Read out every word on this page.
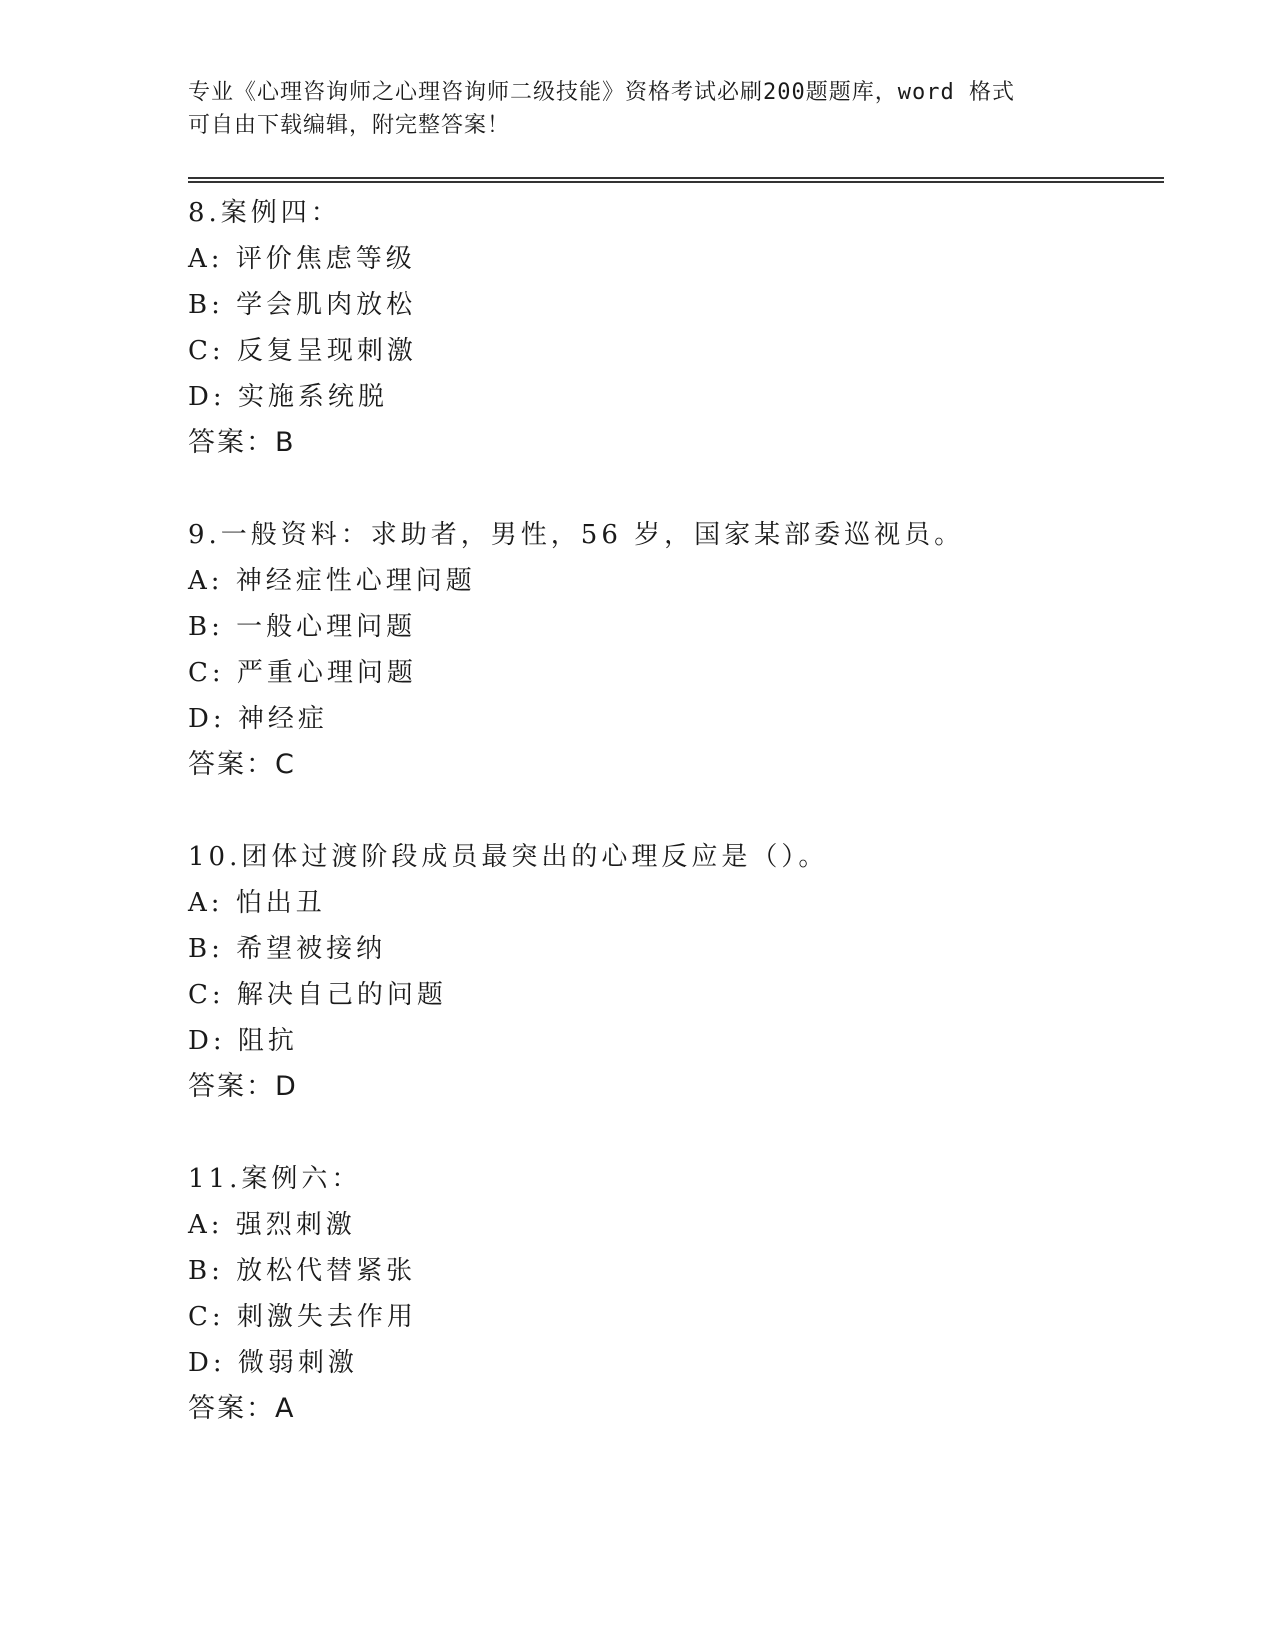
专业《心理咨询师之心理咨询师二级技能》资格考试必刷200题题库，word 格式
可自由下载编辑，附完整答案！
8.案例四：
A: 评价焦虑等级
B: 学会肌肉放松
C: 反复呈现刺激
D: 实施系统脱
答案：B
9.一般资料：求助者，男性，56 岁，国家某部委巡视员。
A: 神经症性心理问题
B: 一般心理问题
C: 严重心理问题
D: 神经症
答案：C
10.团体过渡阶段成员最突出的心理反应是（）。
A: 怕出丑
B: 希望被接纳
C: 解决自己的问题
D: 阻抗
答案：D
11.案例六：
A: 强烈刺激
B: 放松代替紧张
C: 刺激失去作用
D: 微弱刺激
答案：A
